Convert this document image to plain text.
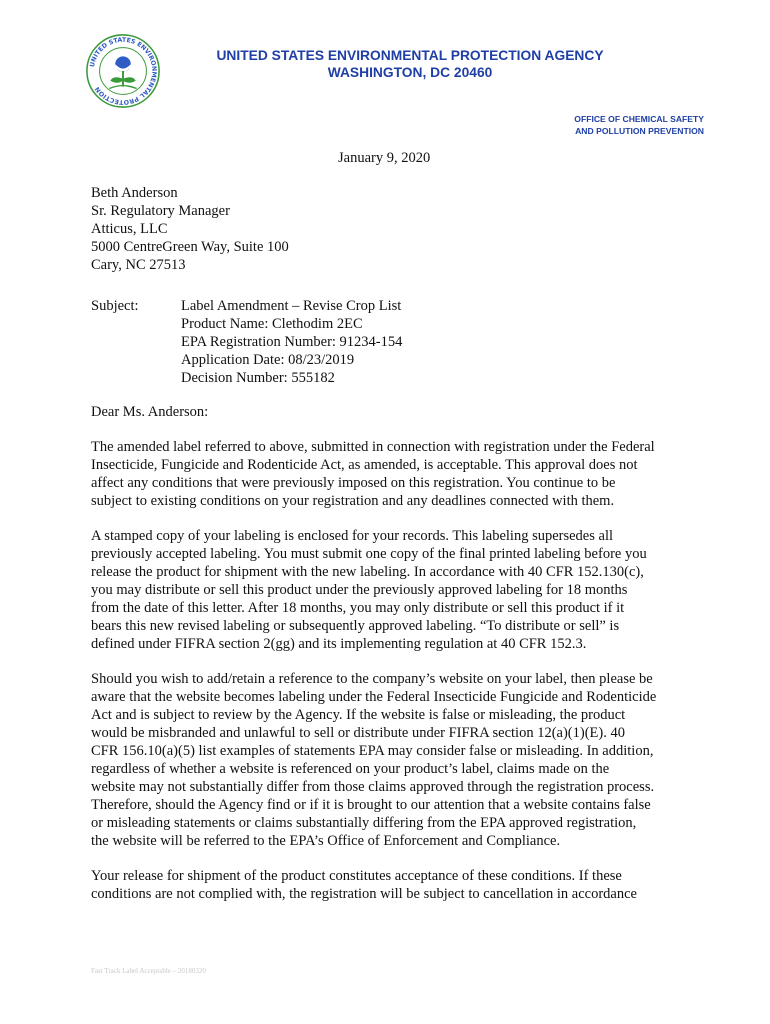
UNITED STATES ENVIRONMENTAL PROTECTION
UNITED STATES ENVIRONMENTAL PROTECTION AGENCY
WASHINGTON, DC 20460
OFFICE OF CHEMICAL SAFETY
AND POLLUTION PREVENTION
January 9, 2020
Beth Anderson
Sr. Regulatory Manager
Atticus, LLC
5000 CentreGreen Way, Suite 100
Cary, NC 27513
Subject:	Label Amendment – Revise Crop List
Product Name: Clethodim 2EC
EPA Registration Number: 91234-154
Application Date: 08/23/2019
Decision Number: 555182
Dear Ms. Anderson:
The amended label referred to above, submitted in connection with registration under the Federal
Insecticide, Fungicide and Rodenticide Act, as amended, is acceptable. This approval does not
affect any conditions that were previously imposed on this registration. You continue to be
subject to existing conditions on your registration and any deadlines connected with them.
A stamped copy of your labeling is enclosed for your records. This labeling supersedes all
previously accepted labeling. You must submit one copy of the final printed labeling before you
release the product for shipment with the new labeling. In accordance with 40 CFR 152.130(c),
you may distribute or sell this product under the previously approved labeling for 18 months
from the date of this letter. After 18 months, you may only distribute or sell this product if it
bears this new revised labeling or subsequently approved labeling. “To distribute or sell” is
defined under FIFRA section 2(gg) and its implementing regulation at 40 CFR 152.3.
Should you wish to add/retain a reference to the company’s website on your label, then please be
aware that the website becomes labeling under the Federal Insecticide Fungicide and Rodenticide
Act and is subject to review by the Agency. If the website is false or misleading, the product
would be misbranded and unlawful to sell or distribute under FIFRA section 12(a)(1)(E). 40
CFR 156.10(a)(5) list examples of statements EPA may consider false or misleading. In addition,
regardless of whether a website is referenced on your product’s label, claims made on the
website may not substantially differ from those claims approved through the registration process.
Therefore, should the Agency find or if it is brought to our attention that a website contains false
or misleading statements or claims substantially differing from the EPA approved registration,
the website will be referred to the EPA’s Office of Enforcement and Compliance.
Your release for shipment of the product constitutes acceptance of these conditions. If these
conditions are not complied with, the registration will be subject to cancellation in accordance
Fast Track Label Acceptable – 20180320
